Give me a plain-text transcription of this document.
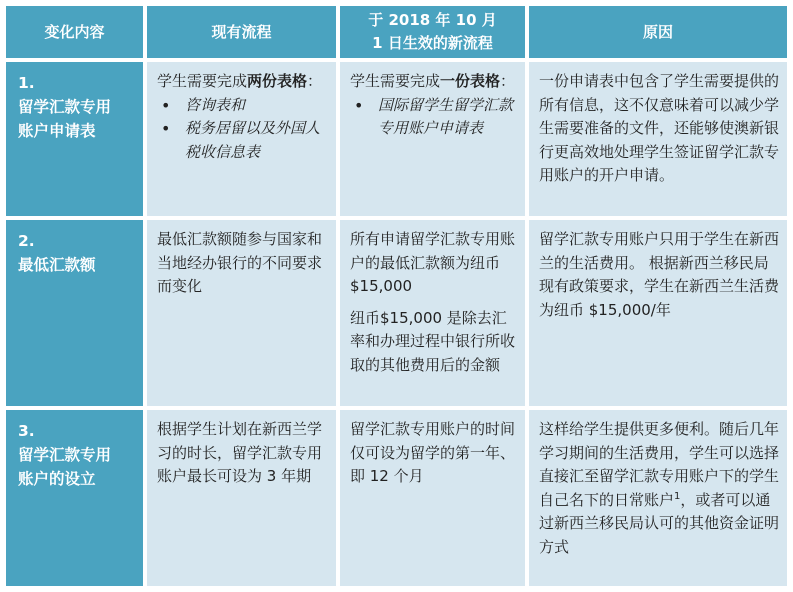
变化内容	现有流程
于 2018 年 10 月 1 日生效的新流程
原因
1.留学汇款专用账户申请表

学生需要完成两份表格：

• 咨询表和

• 税务居留以及外国人税收信息表

学生需要完成一份表格：

• 国际留学生留学汇款专用账户申请表

一份申请表中包含了学生需要提供的所有信息，这不仅意味着可以减少学生需要准备的文件，还能够使澳新银行更高效地处理学生签证留学汇款专用账户的开户申请。

2.最低汇款额

最低汇款额随参与国家和当地经办银行的不同要求而变化

所有申请留学汇款专用账户的最低汇款额为纽币 $15,000

纽币$15,000 是除去汇率和办理过程中银行所收取的其他费用后的金额

留学汇款专用账户只用于学生在新西兰的生活费用。 根据新西兰移民局现有政策要求，学生在新西兰生活费为纽币 $15,000/年

3.留学汇款专用账户的设立

根据学生计划在新西兰学习的时长，留学汇款专用账户最长可设为 3 年期

留学汇款专用账户的时间仅可设为留学的第一年、即 12 个月

这样给学生提供更多便利。随后几年学习期间的生活费用，学生可以选择直接汇至留学汇款专用账户下的学生自己名下的日常账户$^1$，或者可以通过新西兰移民局认可的其他资金证明方式
